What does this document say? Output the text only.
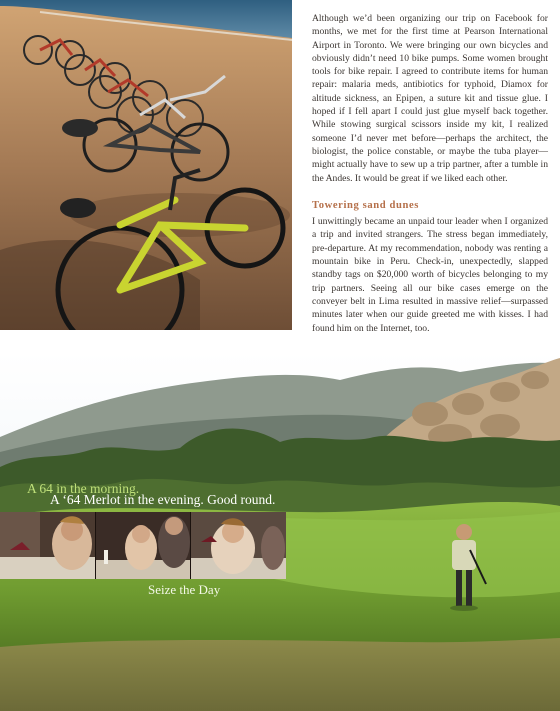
Although we’d been organizing our trip on Facebook for months, we met for the first time at Pearson International Airport in Toronto. We were bringing our own bicycles and obviously didn’t need 10 bike pumps. Some women brought tools for bike repair. I agreed to contribute items for human repair: malaria meds, antibiotics for typhoid, Diamox for altitude sickness, an Epipen, a suture kit and tissue glue. I hoped if I fell apart I could just glue myself back together. While stowing surgical scissors inside my kit, I realized someone I’d never met before—perhaps the architect, the biologist, the police constable, or maybe the tuba player—might actually have to sew up a trip partner, after a tumble in the Andes. It would be great if we liked each other.

Towering sand dunes

I unwittingly became an unpaid tour leader when I organized a trip and invited strangers. The stress began immediately, pre-departure. At my recommendation, nobody was renting a mountain bike in Peru. Check-in, unexpectedly, slapped standby tags on $20,000 worth of bicycles belonging to my trip partners. Seeing all our bike cases emerge on the conveyer belt in Lima resulted in massive relief—surpassed minutes later when our guide greeted me with kisses. I had found him on the Internet, too.

A 64 in the morning.
A ‘64 Merlot in the evening. Good round.
Seize the Day
